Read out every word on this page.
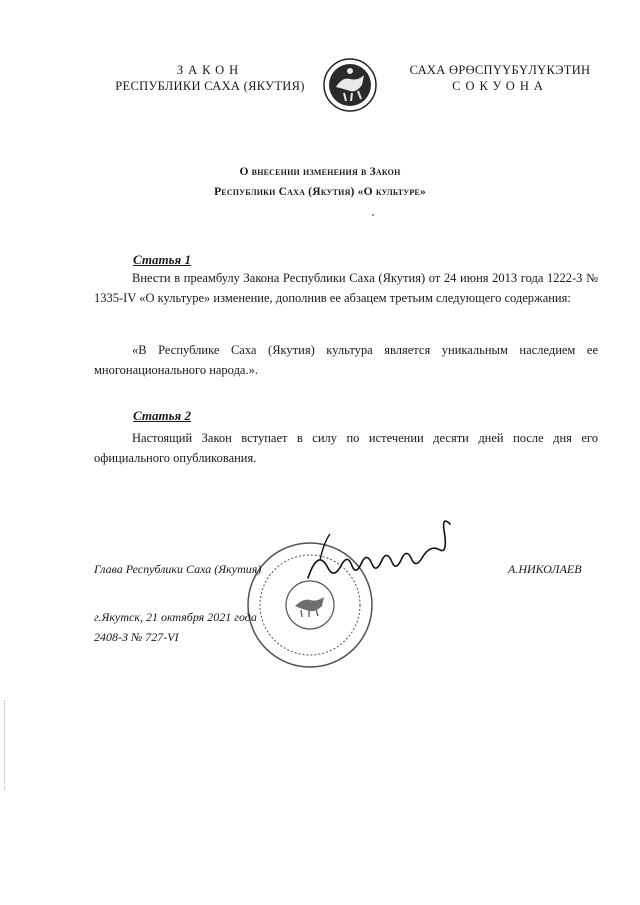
ЗАКОН
РЕСПУБЛИКИ САХА (ЯКУТИЯ)
САХА ӨРӨСПҮҮБҮЛҮКЭТИН
СОКУОНА
О внесении изменения в Закон
Республики Саха (Якутия) «О культуре»
Статья 1
Внести в преамбулу Закона Республики Саха (Якутия) от 24 июня 2013 года 1222-З № 1335-IV «О культуре» изменение, дополнив ее абзацем третьим следующего содержания:
«В Республике Саха (Якутия) культура является уникальным наследием ее многонационального народа.».
Статья 2
Настоящий Закон вступает в силу по истечении десяти дней после дня его официального опубликования.
Глава Республики Саха (Якутия)	А.НИКОЛАЕВ
г.Якутск, 21 октября 2021 года
2408-З № 727-VI
